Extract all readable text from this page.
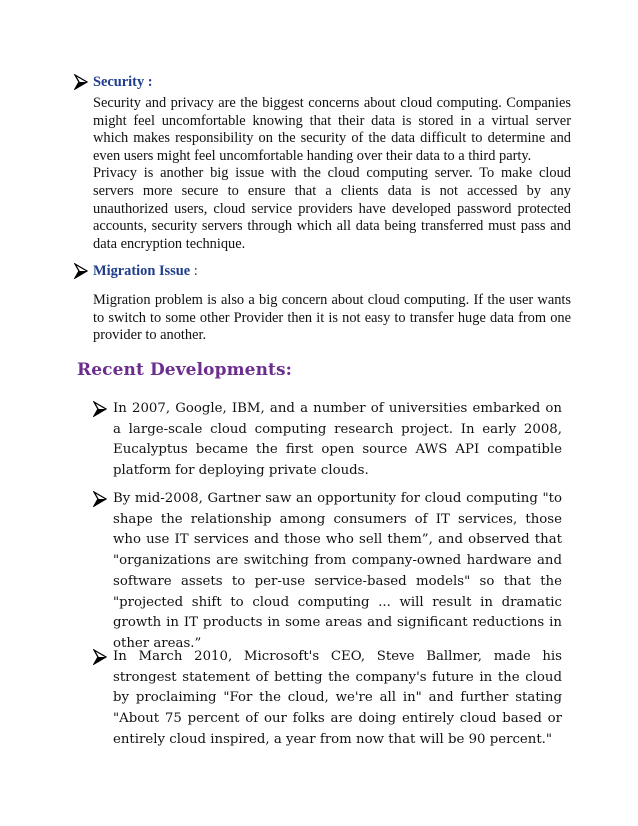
Security :

Security and privacy are the biggest concerns about cloud computing. Companies might feel uncomfortable knowing that their data is stored in a virtual server which makes responsibility on the security of the data difficult to determine and even users might feel uncomfortable handing over their data to a third party.

Privacy is another big issue with the cloud computing server. To make cloud servers more secure to ensure that a clients data is not accessed by any unauthorized users, cloud service providers have developed password protected accounts, security servers through which all data being transferred must pass and data encryption technique.

Migration Issue :

Migration problem is also a big concern about cloud computing. If the user wants to switch to some other Provider then it is not easy to transfer huge data from one provider to another.

Recent Developments:

In 2007, Google, IBM, and a number of universities embarked on a large-scale cloud computing research project. In early 2008, Eucalyptus became the first open source AWS API compatible platform for deploying private clouds.

By mid-2008, Gartner saw an opportunity for cloud computing "to shape the relationship among consumers of IT services, those who use IT services and those who sell them”, and observed that "organizations are switching from company-owned hardware and software assets to per-use service-based models" so that the "projected shift to cloud computing ... will result in dramatic growth in IT products in some areas and significant reductions in other areas.”

In March 2010, Microsoft's CEO, Steve Ballmer, made his strongest statement of betting the company's future in the cloud by proclaiming "For the cloud, we're all in" and further stating "About 75 percent of our folks are doing entirely cloud based or entirely cloud inspired, a year from now that will be 90 percent."
